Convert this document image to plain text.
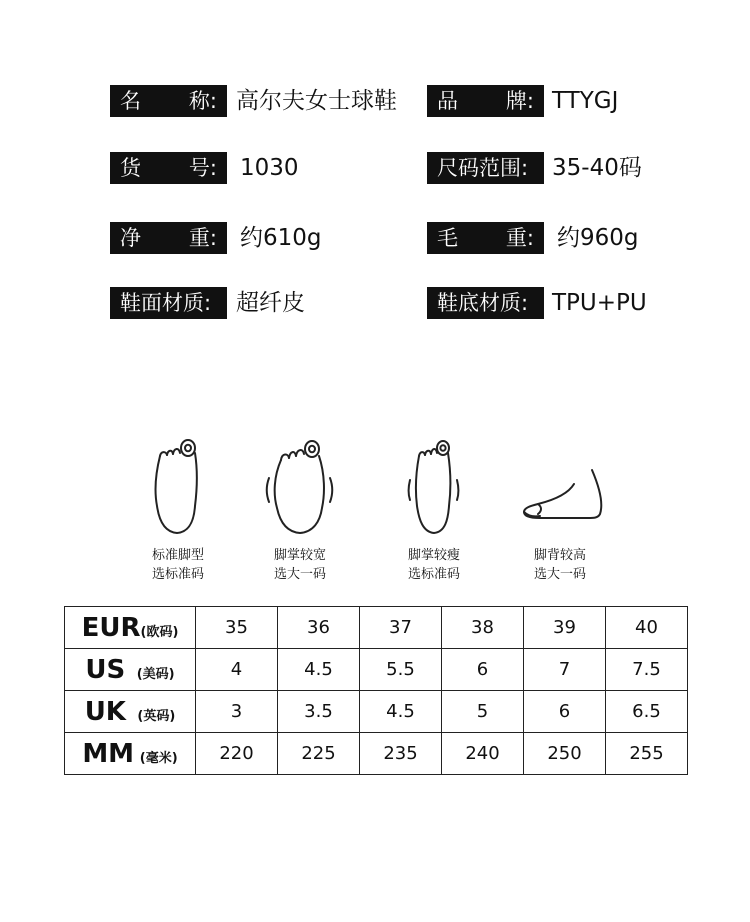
名 称: 高尔夫女士球鞋 品 牌: TTYGJ
货 号: 1030	尺码范围: 35-40码
净 重: 约610g	毛 重: 约960g
鞋面材质: 超纤皮	鞋底材质: TPU+PU
标准脚型
选标准码
脚掌较宽
选大一码
脚掌较瘦
选标准码
脚背较高
选大一码
EUR(欧码)	35	36	37	38	39	40
US (美码)	4	4.5	5.5	6	7	7.5
UK (英码)	3	3.5	4.5	5	6	6.5
MM (毫米)	220	225	235	240	250	255
